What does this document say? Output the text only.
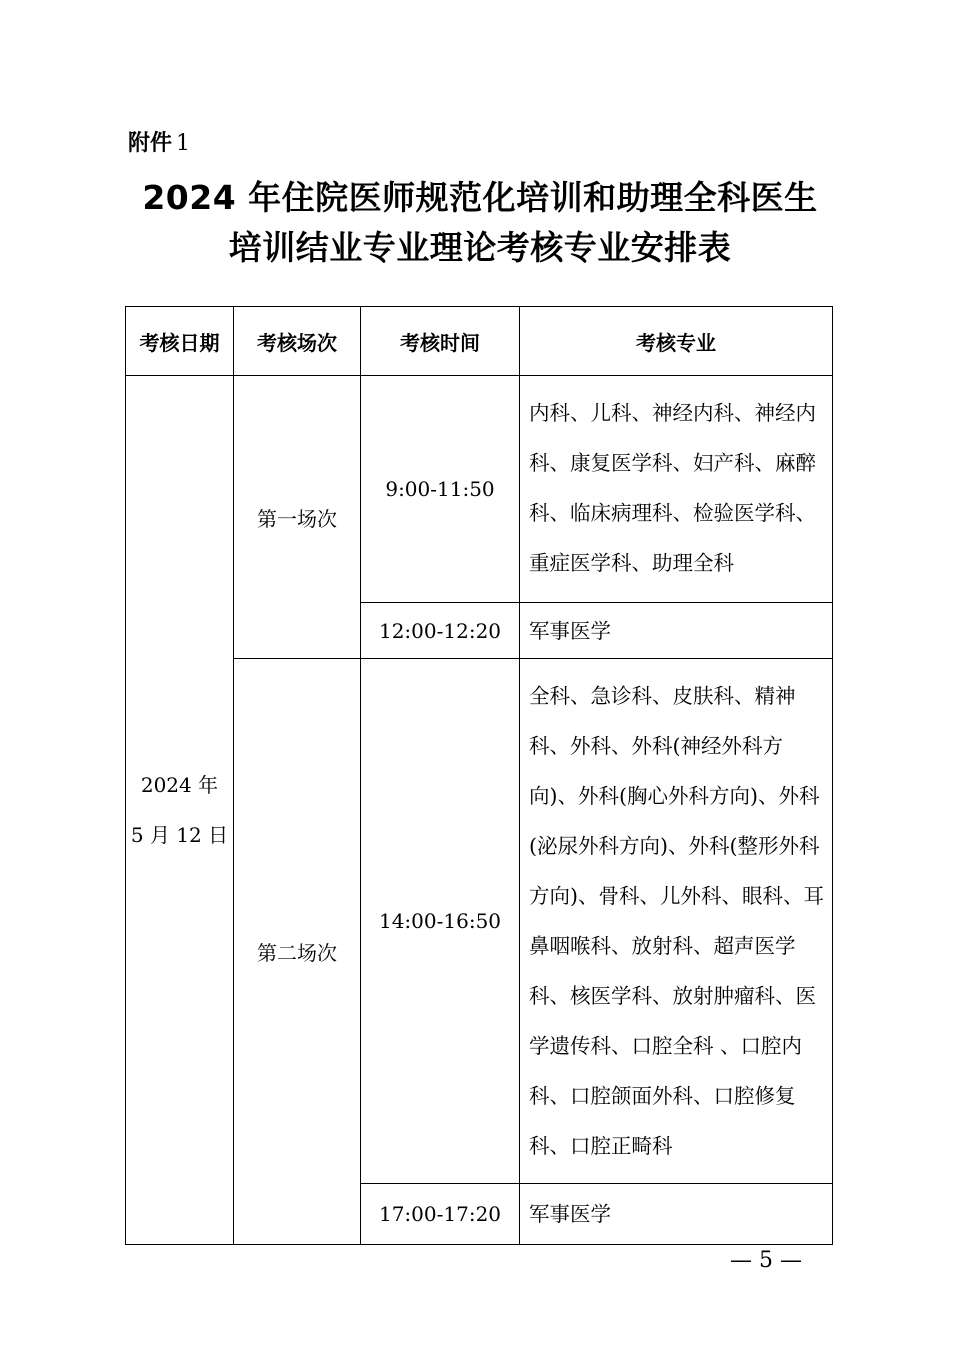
附件 1
2024 年住院医师规范化培训和助理全科医生
培训结业专业理论考核专业安排表
考核日期	考核场次	考核时间	考核专业

2024 年
5 月 12 日	第一场次	9:00-11:50	内科、儿科、神经内科、神经内科、康复医学科、妇产科、麻醉科、临床病理科、检验医学科、重症医学科、助理全科
		12:00-12:20	军事医学
	第二场次	14:00-16:50	全科、急诊科、皮肤科、精神科、外科、外科(神经外科方向)、外科(胸心外科方向)、外科(泌尿外科方向)、外科(整形外科方向)、骨科、儿外科、眼科、耳鼻咽喉科、放射科、超声医学科、核医学科、放射肿瘤科、医学遗传科、口腔全科 、口腔内科、口腔颌面外科、口腔修复科、口腔正畸科
		17:00-17:20	军事医学
— 5 —
